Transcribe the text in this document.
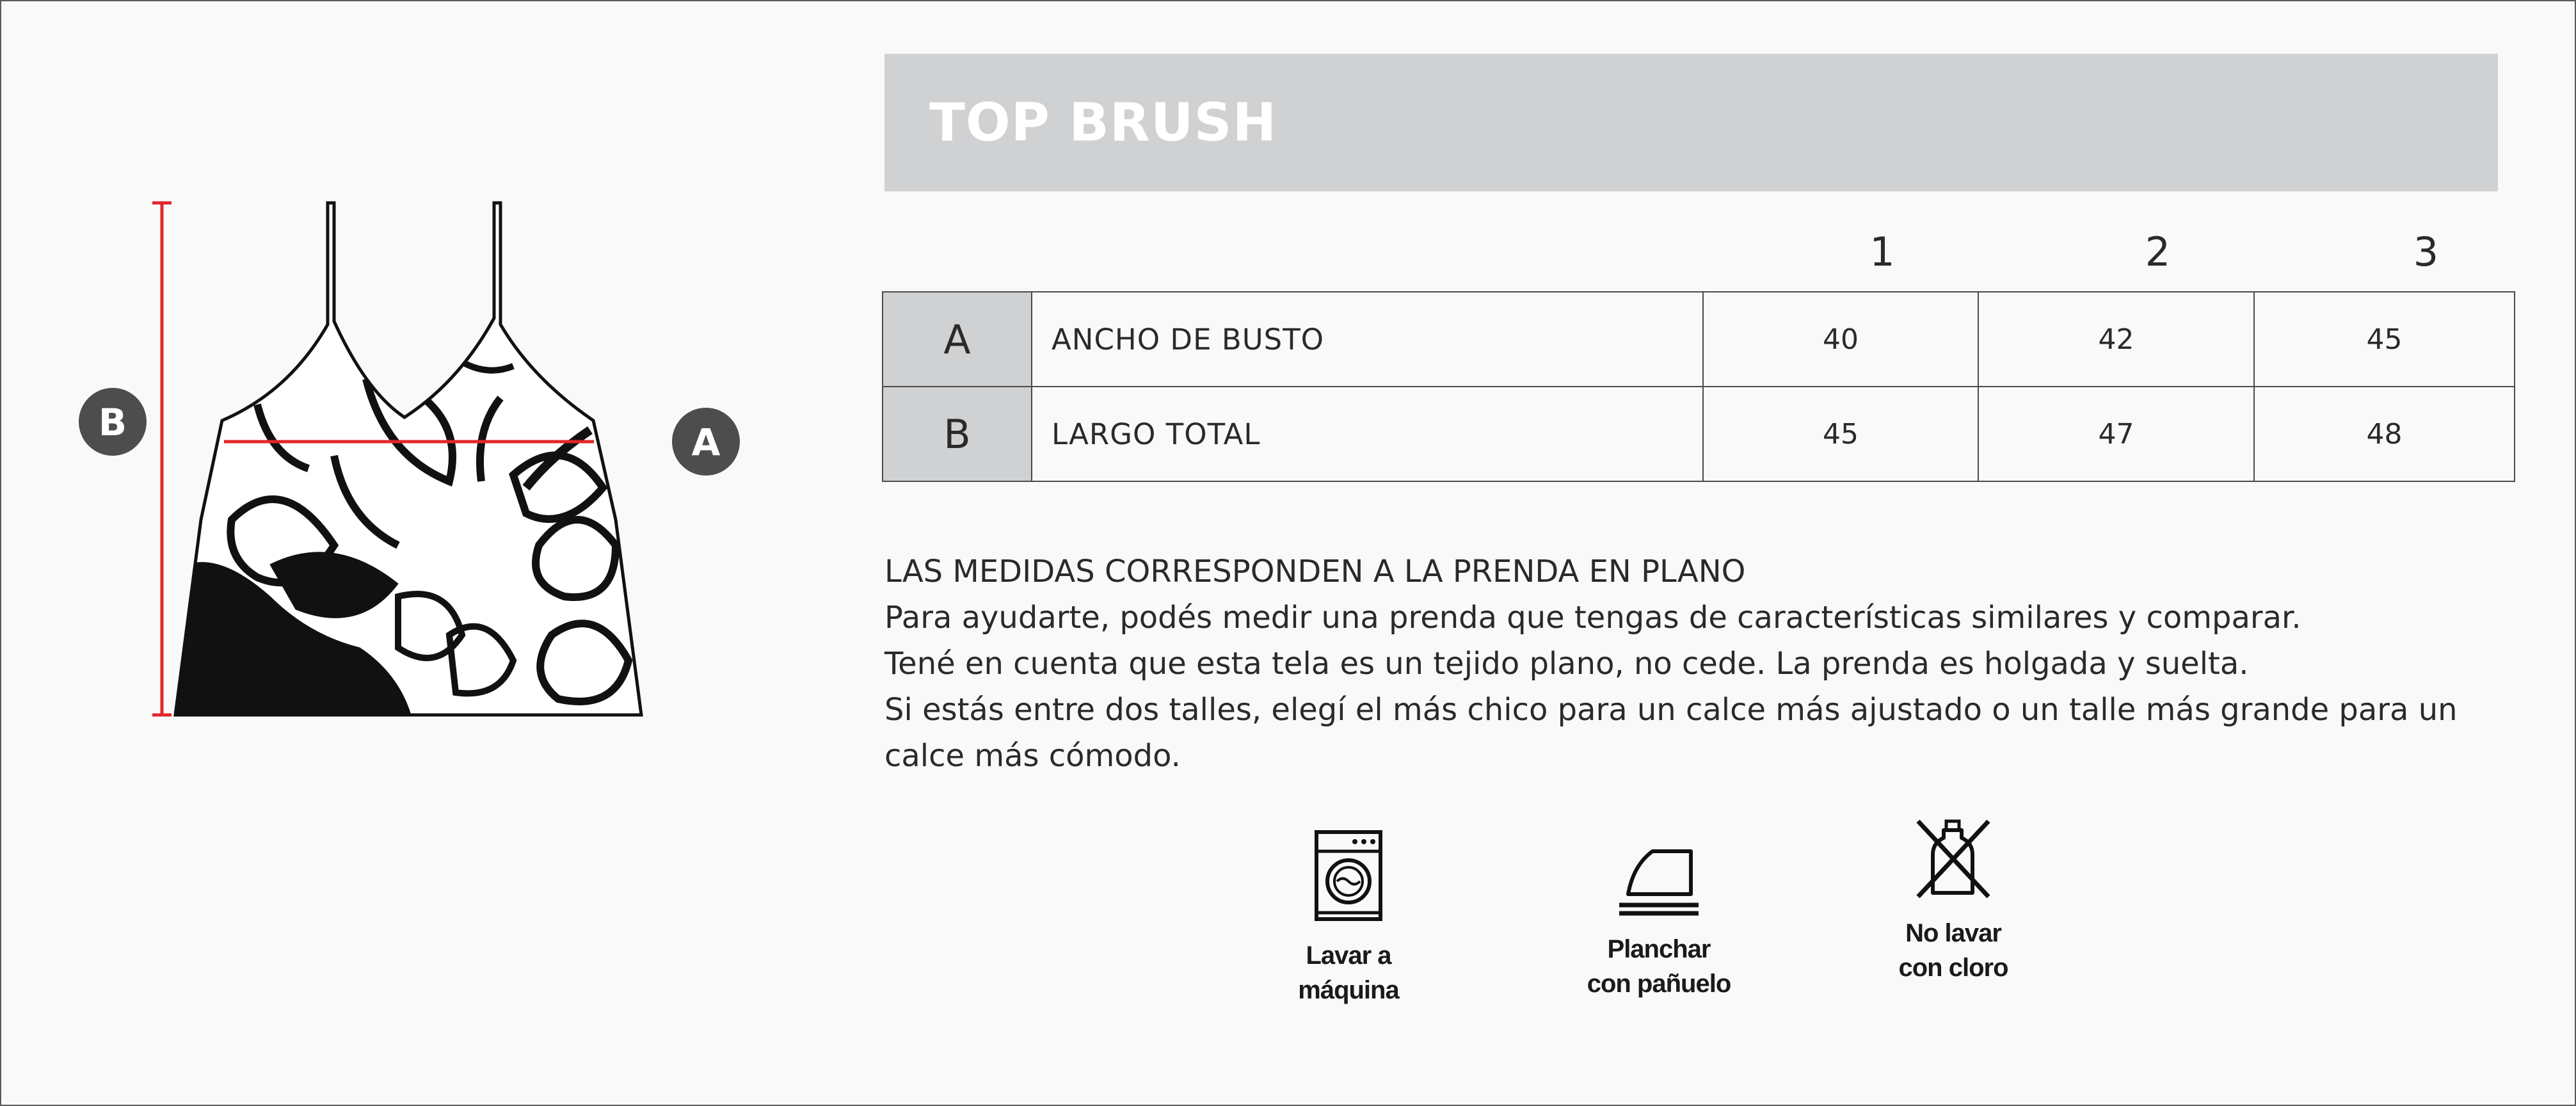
B	A
TOP BRUSH
1	2	3
A	ANCHO DE BUSTO	40	42	45
B	LARGO TOTAL	45	47	48
LAS MEDIDAS CORRESPONDEN A LA PRENDA EN PLANO
Para ayudarte, podés medir una prenda que tengas de características similares y comparar.
Tené en cuenta que esta tela es un tejido plano, no cede. La prenda es holgada y suelta.
Si estás entre dos talles, elegí el más chico para un calce más ajustado o un talle más grande para un
calce más cómodo.
Lavar a
máquina
Planchar
con pañuelo
No lavar
con cloro
